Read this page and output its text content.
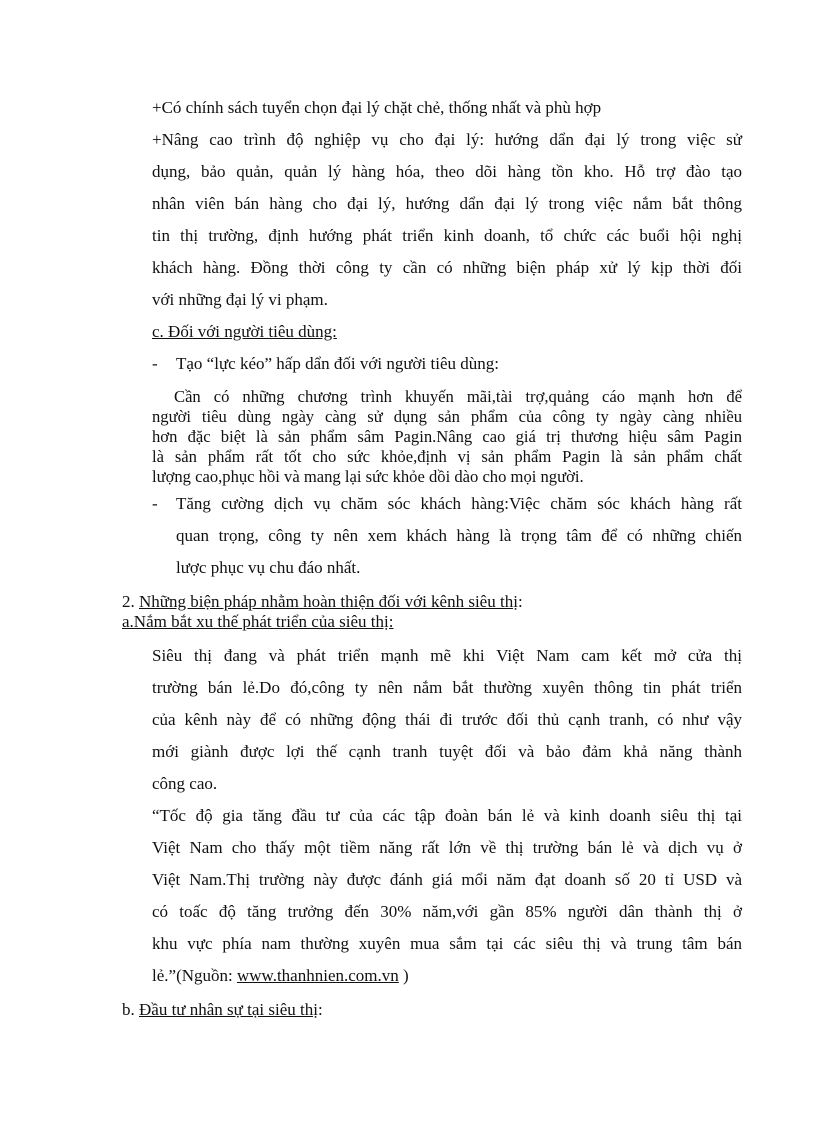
+Có chính sách tuyển chọn đại lý chặt chẻ, thống nhất và phù hợp
+Nâng cao trình độ nghiệp vụ cho đại lý: hướng dẩn đại lý trong việc sử
dụng, bảo quản, quản lý hàng hóa, theo dõi hàng tồn kho. Hỗ trợ đào tạo
nhân viên bán hàng cho đại lý, hướng dẩn đại lý trong việc nắm bắt thông
tin thị trường, định hướng phát triển kinh doanh, tổ chức các buổi hội nghị
khách hàng. Đồng thời công ty cần có những biện pháp xử lý kịp thời đối
với những đại lý vi phạm.
c. Đối với người tiêu dùng:
- Tạo “lực kéo” hấp dẩn đối với người tiêu dùng:
Cần có những chương trình khuyến mãi,tài trợ,quảng cáo mạnh hơn để
người tiêu dùng ngày càng sử dụng sản phẩm của công ty ngày càng nhiều
hơn đặc biệt là sản phẩm sâm Pagin.Nâng cao giá trị thương hiệu sâm Pagin
là sản phẩm rất tốt cho sức khỏe,định vị sản phẩm Pagin là sản phẩm chất
lượng cao,phục hồi và mang lại sức khỏe dồi dào cho mọi người.
- Tăng cường dịch vụ chăm sóc khách hàng:Việc chăm sóc khách hàng rất
quan trọng, công ty nên xem khách hàng là trọng tâm để có những chiến
lược phục vụ chu đáo nhất.
2. Những biện pháp nhằm hoàn thiện đối với kênh siêu thị:
a.Nắm bắt xu thế phát triển của siêu thị:
Siêu thị đang và phát triển mạnh mẽ khi Việt Nam cam kết mở cửa thị
trường bán lẻ.Do đó,công ty nên nắm bắt thường xuyên thông tin phát triển
của kênh này để có những động thái đi trước đối thủ cạnh tranh, có như vậy
mới giành được lợi thế cạnh tranh tuyệt đối và bảo đảm khả năng thành
công cao.
“Tốc độ gia tăng đầu tư của các tập đoàn bán lẻ và kinh doanh siêu thị tại
Việt Nam cho thấy một tiềm năng rất lớn về thị trường bán lẻ và dịch vụ ở
Việt Nam.Thị trường này được đánh giá mổi năm đạt doanh số 20 tỉ USD và
có toấc độ tăng trưởng đến 30% năm,với gần 85% người dân thành thị ở
khu vực phía nam thường xuyên mua sắm tại các siêu thị và trung tâm bán
lẻ.”(Nguồn: www.thanhnien.com.vn )
b. Đầu tư nhân sự tại siêu thị:
